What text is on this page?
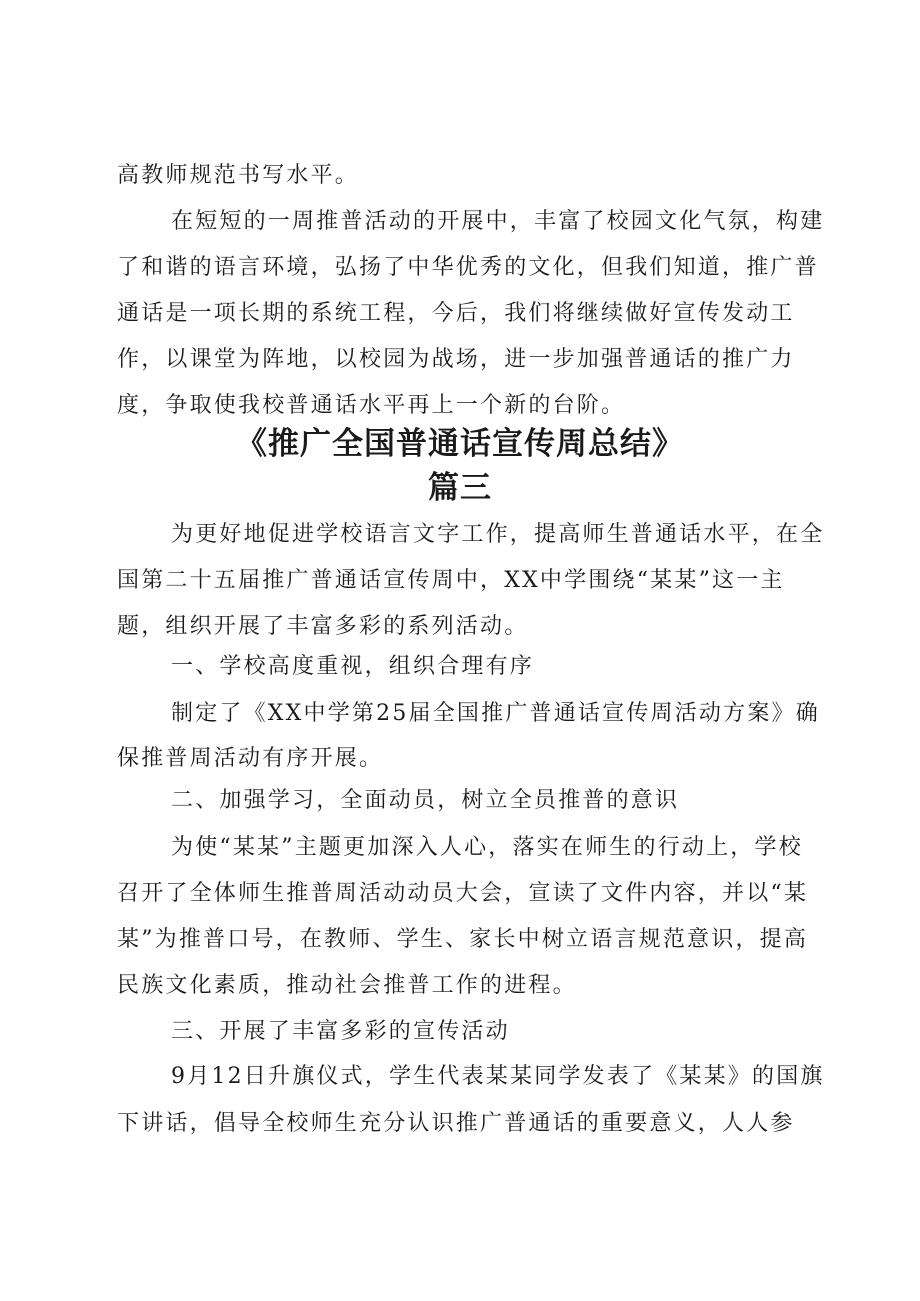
高教师规范书写水平。
在短短的一周推普活动的开展中，丰富了校园文化气氛，构建
了和谐的语言环境，弘扬了中华优秀的文化，但我们知道，推广普
通话是一项长期的系统工程，今后，我们将继续做好宣传发动工
作，以课堂为阵地，以校园为战场，进一步加强普通话的推广力
度，争取使我校普通话水平再上一个新的台阶。
《推广全国普通话宣传周总结》
篇三
为更好地促进学校语言文字工作，提高师生普通话水平，在全
国第二十五届推广普通话宣传周中，XX中学围绕“某某”这一主
题，组织开展了丰富多彩的系列活动。
一、学校高度重视，组织合理有序
制定了《XX中学第25届全国推广普通话宣传周活动方案》确
保推普周活动有序开展。
二、加强学习，全面动员，树立全员推普的意识
为使“某某”主题更加深入人心，落实在师生的行动上，学校
召开了全体师生推普周活动动员大会，宣读了文件内容，并以“某
某”为推普口号，在教师、学生、家长中树立语言规范意识，提高
民族文化素质，推动社会推普工作的进程。
三、开展了丰富多彩的宣传活动
9月12日升旗仪式，学生代表某某同学发表了《某某》的国旗
下讲话，倡导全校师生充分认识推广普通话的重要意义，人人参
